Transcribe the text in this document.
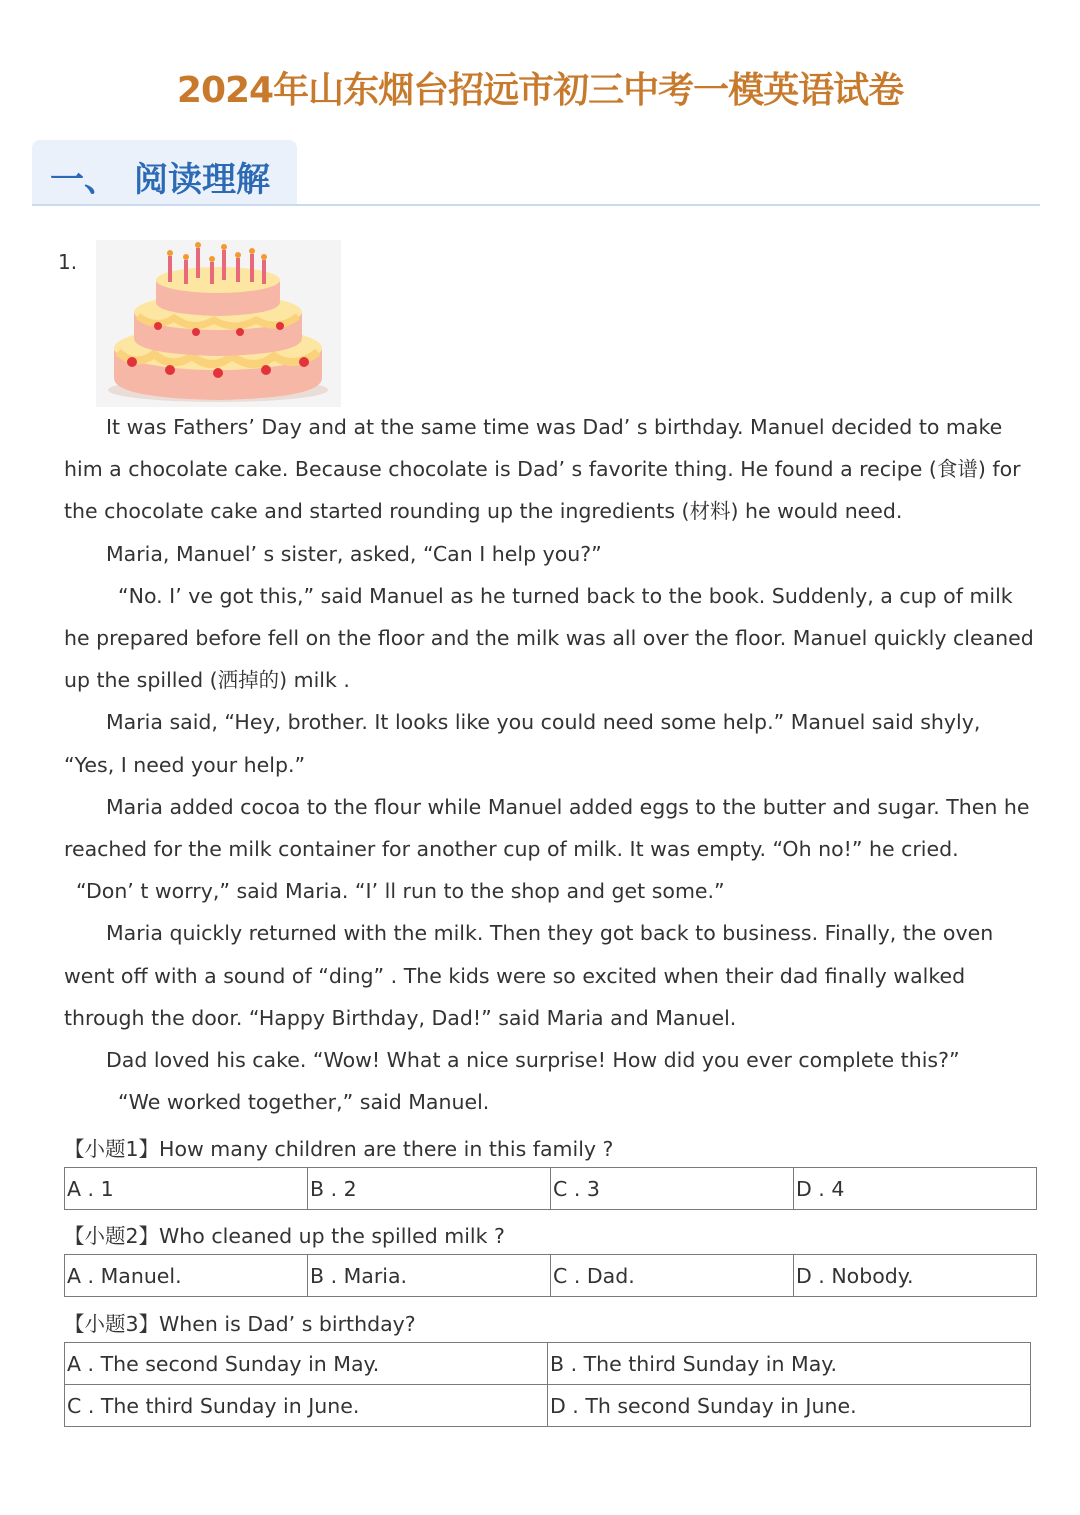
2024年山东烟台招远市初三中考一模英语试卷
一、 阅读理解
1.

It was Fathers’ Day and at the same time was Dad’ s birthday. Manuel decided to make him a chocolate cake. Because chocolate is Dad’ s favorite thing. He found a recipe (食谱) for the chocolate cake and started rounding up the ingredients (材料) he would need.

Maria, Manuel’ s sister, asked, “Can I help you?”

“No. I’ ve got this,” said Manuel as he turned back to the book. Suddenly, a cup of milk he prepared before fell on the floor and the milk was all over the floor. Manuel quickly cleaned up the spilled (洒掉的) milk .

Maria said, “Hey, brother. It looks like you could need some help.” Manuel said shyly, “Yes, I need your help.”

Maria added cocoa to the flour while Manuel added eggs to the butter and sugar. Then he reached for the milk container for another cup of milk. It was empty. “Oh no!” he cried.

“Don’ t worry,” said Maria. “I’ ll run to the shop and get some.”

Maria quickly returned with the milk. Then they got back to business. Finally, the oven went off with a sound of “ding” . The kids were so excited when their dad finally walked through the door. “Happy Birthday, Dad!” said Maria and Manuel.

Dad loved his cake. “Wow! What a nice surprise! How did you ever complete this?”

“We worked together,” said Manuel.

【小题1】How many children are there in this family ?
A . 1	B . 2	C . 3	D . 4
【小题2】Who cleaned up the spilled milk ?
A . Manuel.	B . Maria.	C . Dad.	D . Nobody.
【小题3】When is Dad’ s birthday?
A . The second Sunday in May.	B . The third Sunday in May.
C . The third Sunday in June.	D . Th second Sunday in June.
